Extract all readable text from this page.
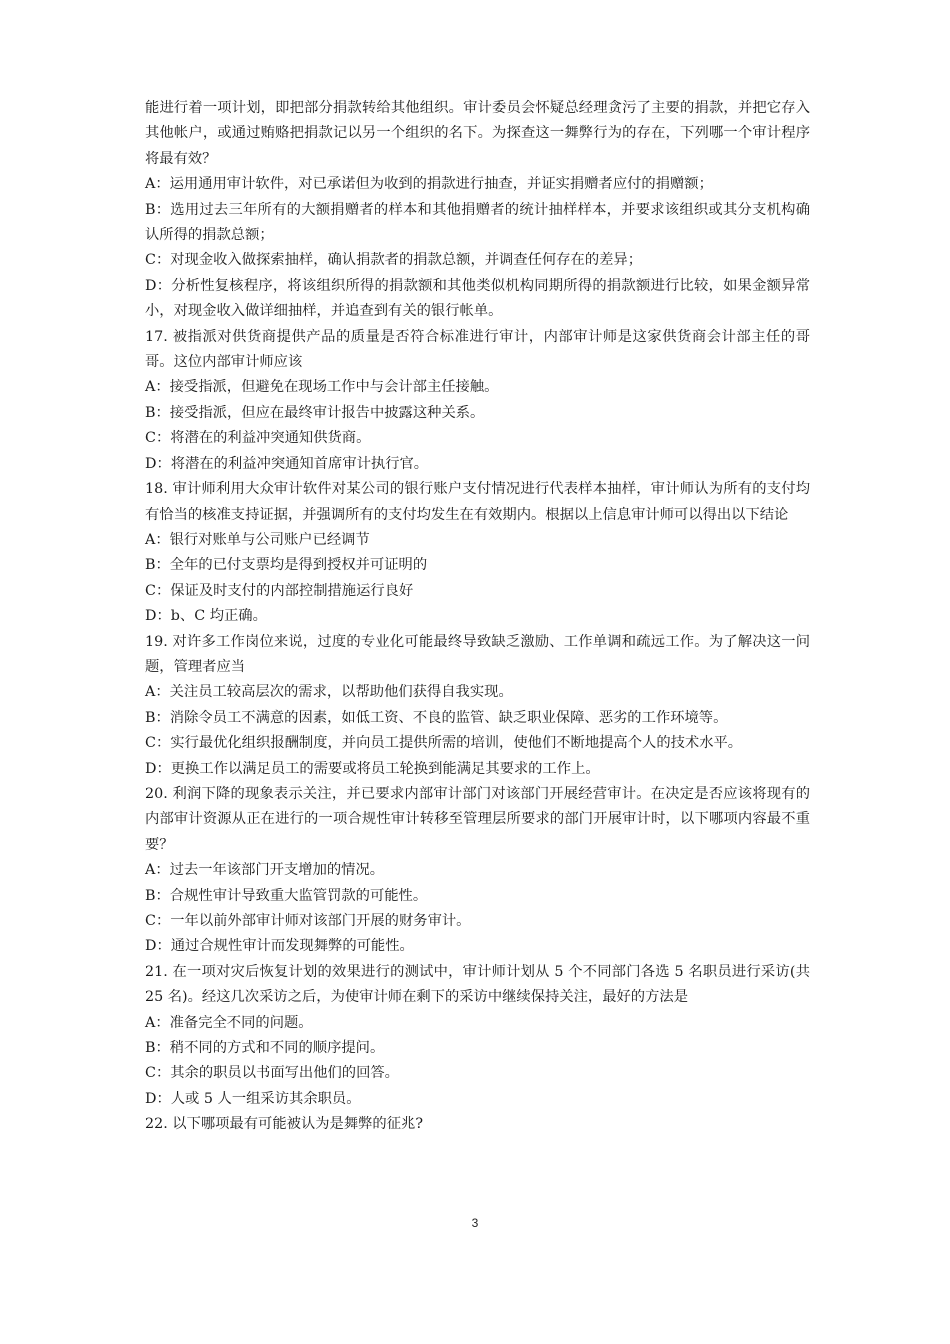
能进行着一项计划，即把部分捐款转给其他组织。审计委员会怀疑总经理贪污了主要的捐款，并把它存入其他帐户，或通过贿赂把捐款记以另一个组织的名下。为探查这一舞弊行为的存在，下列哪一个审计程序将最有效？

A：运用通用审计软件，对已承诺但为收到的捐款进行抽查，并证实捐赠者应付的捐赠额；

B：选用过去三年所有的大额捐赠者的样本和其他捐赠者的统计抽样样本，并要求该组织或其分支机构确认所得的捐款总额；

C：对现金收入做探索抽样，确认捐款者的捐款总额，并调查任何存在的差异；

D：分析性复核程序，将该组织所得的捐款额和其他类似机构同期所得的捐款额进行比较，如果金额异常小，对现金收入做详细抽样，并追查到有关的银行帐单。

17. 被指派对供货商提供产品的质量是否符合标准进行审计，内部审计师是这家供货商会计部主任的哥哥。这位内部审计师应该

A：接受指派，但避免在现场工作中与会计部主任接触。

B：接受指派，但应在最终审计报告中披露这种关系。

C：将潜在的利益冲突通知供货商。

D：将潜在的利益冲突通知首席审计执行官。

18. 审计师利用大众审计软件对某公司的银行账户支付情况进行代表样本抽样，审计师认为所有的支付均有恰当的核准支持证据，并强调所有的支付均发生在有效期内。根据以上信息审计师可以得出以下结论

A：银行对账单与公司账户已经调节

B：全年的已付支票均是得到授权并可证明的

C：保证及时支付的内部控制措施运行良好

D：b、C 均正确。

19. 对许多工作岗位来说，过度的专业化可能最终导致缺乏激励、工作单调和疏远工作。为了解决这一问题，管理者应当

A：关注员工较高层次的需求，以帮助他们获得自我实现。

B：消除令员工不满意的因素，如低工资、不良的监管、缺乏职业保障、恶劣的工作环境等。

C：实行最优化组织报酬制度，并向员工提供所需的培训，使他们不断地提高个人的技术水平。

D：更换工作以满足员工的需要或将员工轮换到能满足其要求的工作上。

20. 利润下降的现象表示关注，并已要求内部审计部门对该部门开展经营审计。在决定是否应该将现有的内部审计资源从正在进行的一项合规性审计转移至管理层所要求的部门开展审计时，以下哪项内容最不重要？

A：过去一年该部门开支增加的情况。

B：合规性审计导致重大监管罚款的可能性。

C：一年以前外部审计师对该部门开展的财务审计。

D：通过合规性审计而发现舞弊的可能性。

21. 在一项对灾后恢复计划的效果进行的测试中，审计师计划从 5 个不同部门各选 5 名职员进行采访(共 25 名)。经这几次采访之后，为使审计师在剩下的采访中继续保持关注，最好的方法是

A：准备完全不同的问题。

B：稍不同的方式和不同的顺序提问。

C：其余的职员以书面写出他们的回答。

D：人或 5 人一组采访其余职员。

22. 以下哪项最有可能被认为是舞弊的征兆?

3
